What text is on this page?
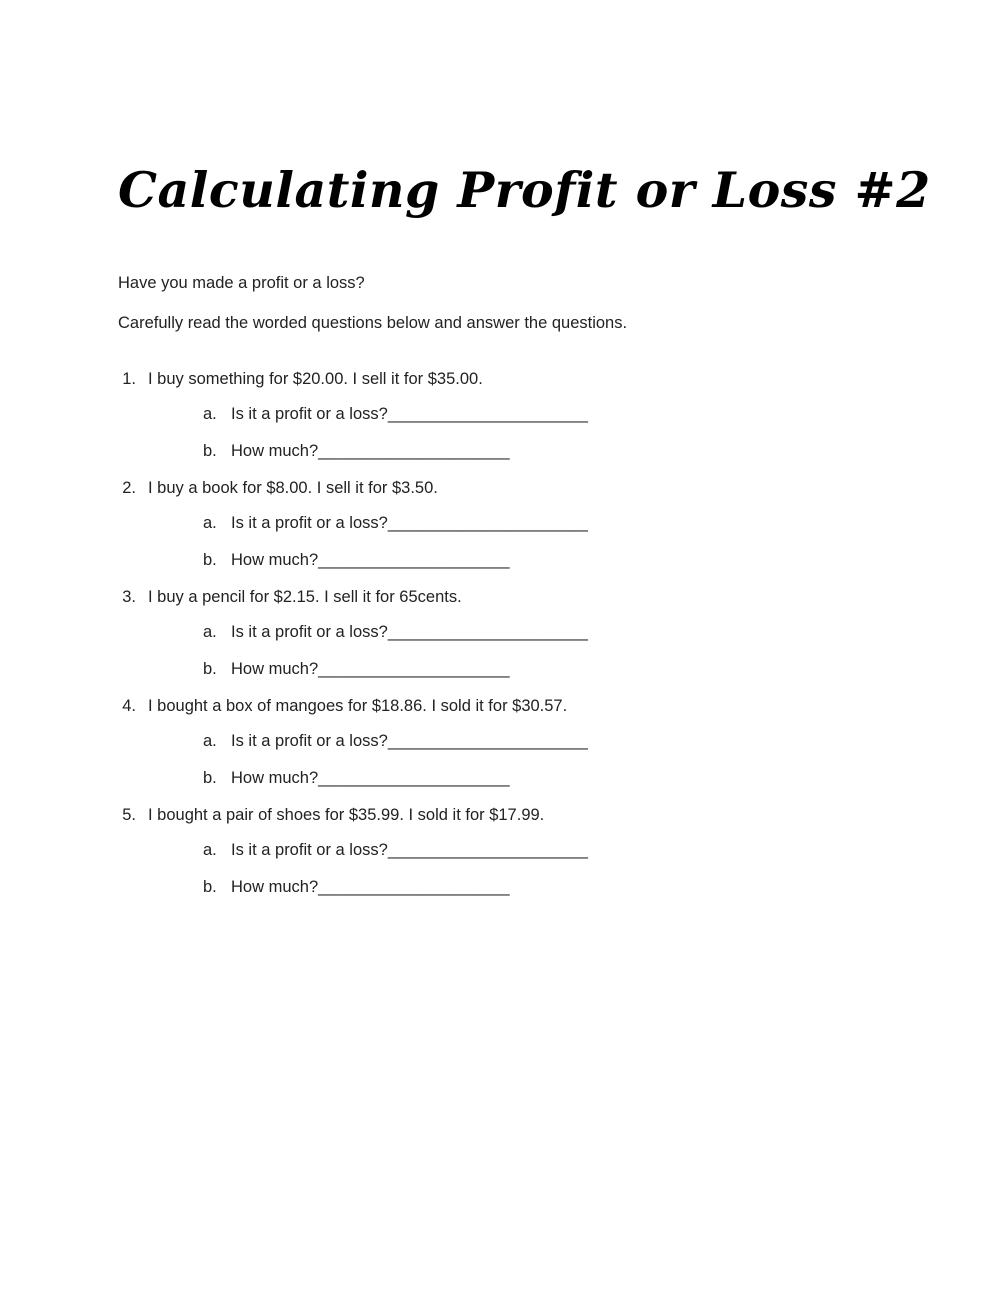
Calculating Profit or Loss #2

Have you made a profit or a loss?

Carefully read the worded questions below and answer the questions.

1. I buy something for $20.00. I sell it for $35.00.
a. Is it a profit or a loss? _______________________
b. How much? ______________________
2. I buy a book for $8.00. I sell it for $3.50.
a. Is it a profit or a loss? _______________________
b. How much? ______________________
3. I buy a pencil for $2.15. I sell it for 65cents.
a. Is it a profit or a loss? _______________________
b. How much? ______________________
4. I bought a box of mangoes for $18.86. I sold it for $30.57.
a. Is it a profit or a loss? _______________________
b. How much? ______________________
5. I bought a pair of shoes for $35.99. I sold it for $17.99.
a. Is it a profit or a loss? _______________________
b. How much? ______________________
